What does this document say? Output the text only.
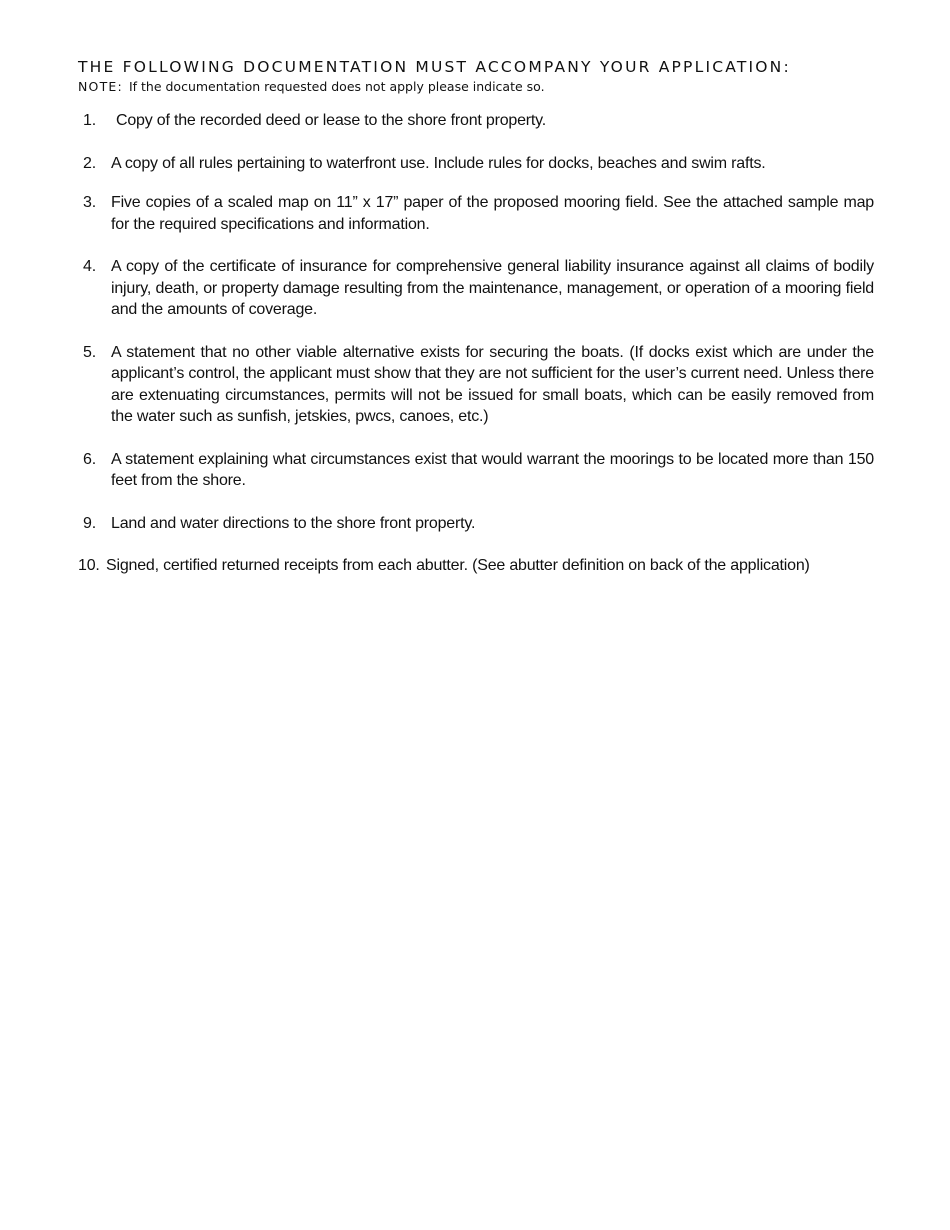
THE FOLLOWING DOCUMENTATION MUST ACCOMPANY YOUR APPLICATION:

NOTE: If the documentation requested does not apply please indicate so.

1. Copy of the recorded deed or lease to the shore front property.
2. A copy of all rules pertaining to waterfront use. Include rules for docks, beaches and swim rafts.
3. Five copies of a scaled map on 11” x 17” paper of the proposed mooring field. See the attached sample map for the required specifications and information.
4. A copy of the certificate of insurance for comprehensive general liability insurance against all claims of bodily injury, death, or property damage resulting from the maintenance, management, or operation of a mooring field and the amounts of coverage.
5. A statement that no other viable alternative exists for securing the boats. (If docks exist which are under the applicant’s control, the applicant must show that they are not sufficient for the user’s current need. Unless there are extenuating circumstances, permits will not be issued for small boats, which can be easily removed from the water such as sunfish, jetskies, pwcs, canoes, etc.)
6. A statement explaining what circumstances exist that would warrant the moorings to be located more than 150 feet from the shore.
9. Land and water directions to the shore front property.
10. Signed, certified returned receipts from each abutter. (See abutter definition on back of the application)
